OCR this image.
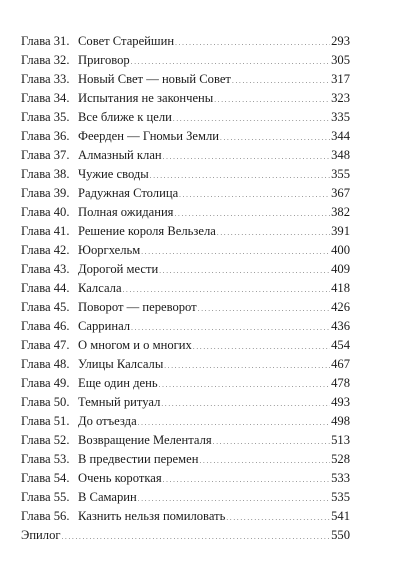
Глава 31. Совет Старейшин . . .	293
Глава 32. Приговор . . .	305
Глава 33. Новый Свет — новый Совет . . .	317
Глава 34. Испытания не закончены . . .	323
Глава 35. Все ближе к цели . . .	335
Глава 36. Фeерден — Гномьи Земли . . .	344
Глава 37. Алмазный клан . . .	348
Глава 38. Чужие своды . . .	355
Глава 39. Радужная Столица . . .	367
Глава 40. Полная ожидания . . .	382
Глава 41. Решение короля Вельзела . . .	391
Глава 42. Юоргхельм . . .	400
Глава 43. Дорогой мести . . .	409
Глава 44. Калсала . . .	418
Глава 45. Поворот — переворот . . .	426
Глава 46. Сарринал . . .	436
Глава 47. О многом и о многих . . .	454
Глава 48. Улицы Калсалы . . .	467
Глава 49. Еще один день . . .	478
Глава 50. Темный ритуал . . .	493
Глава 51. До отъезда . . .	498
Глава 52. Возвращение Меленталя . . .	513
Глава 53. В предвестии перемен . . .	528
Глава 54. Очень короткая . . .	533
Глава 55. В Самарин . . .	535
Глава 56. Казнить нельзя помиловать . . .	541
Эпилог . . .	550
